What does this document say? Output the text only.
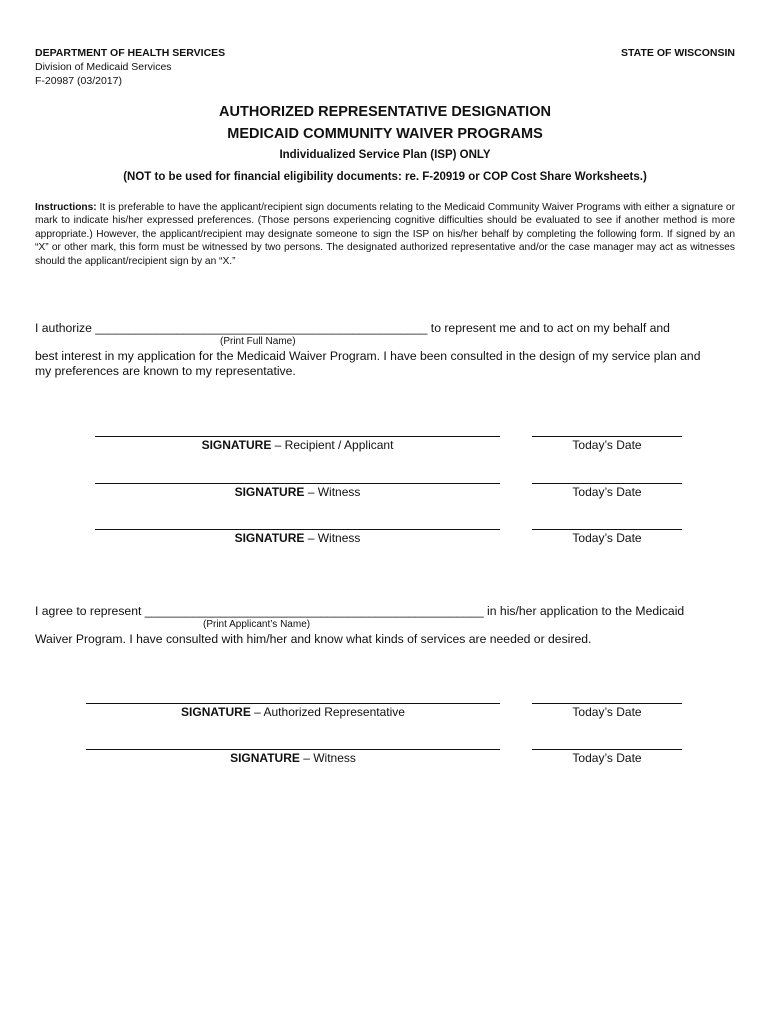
DEPARTMENT OF HEALTH SERVICES
Division of Medicaid Services
F-20987 (03/2017)
STATE OF WISCONSIN
AUTHORIZED REPRESENTATIVE DESIGNATION
MEDICAID COMMUNITY WAIVER PROGRAMS
Individualized Service Plan (ISP) ONLY
(NOT to be used for financial eligibility documents: re. F-20919 or COP Cost Share Worksheets.)
Instructions: It is preferable to have the applicant/recipient sign documents relating to the Medicaid Community Waiver Programs with either a signature or mark to indicate his/her expressed preferences. (Those persons experiencing cognitive difficulties should be evaluated to see if another method is more appropriate.) However, the applicant/recipient may designate someone to sign the ISP on his/her behalf by completing the following form. If signed by an “X” or other mark, this form must be witnessed by two persons. The designated authorized representative and/or the case manager may act as witnesses should the applicant/recipient sign by an “X.”
I authorize _________________________________________________ to represent me and to act on my behalf and
(Print Full Name)
best interest in my application for the Medicaid Waiver Program. I have been consulted in the design of my service plan and
my preferences are known to my representative.
SIGNATURE – Recipient / Applicant	Today’s Date
SIGNATURE – Witness	Today’s Date
SIGNATURE – Witness	Today’s Date
I agree to represent __________________________________________________ in his/her application to the Medicaid
(Print Applicant’s Name)
Waiver Program. I have consulted with him/her and know what kinds of services are needed or desired.
SIGNATURE – Authorized Representative	Today’s Date
SIGNATURE – Witness	Today’s Date
